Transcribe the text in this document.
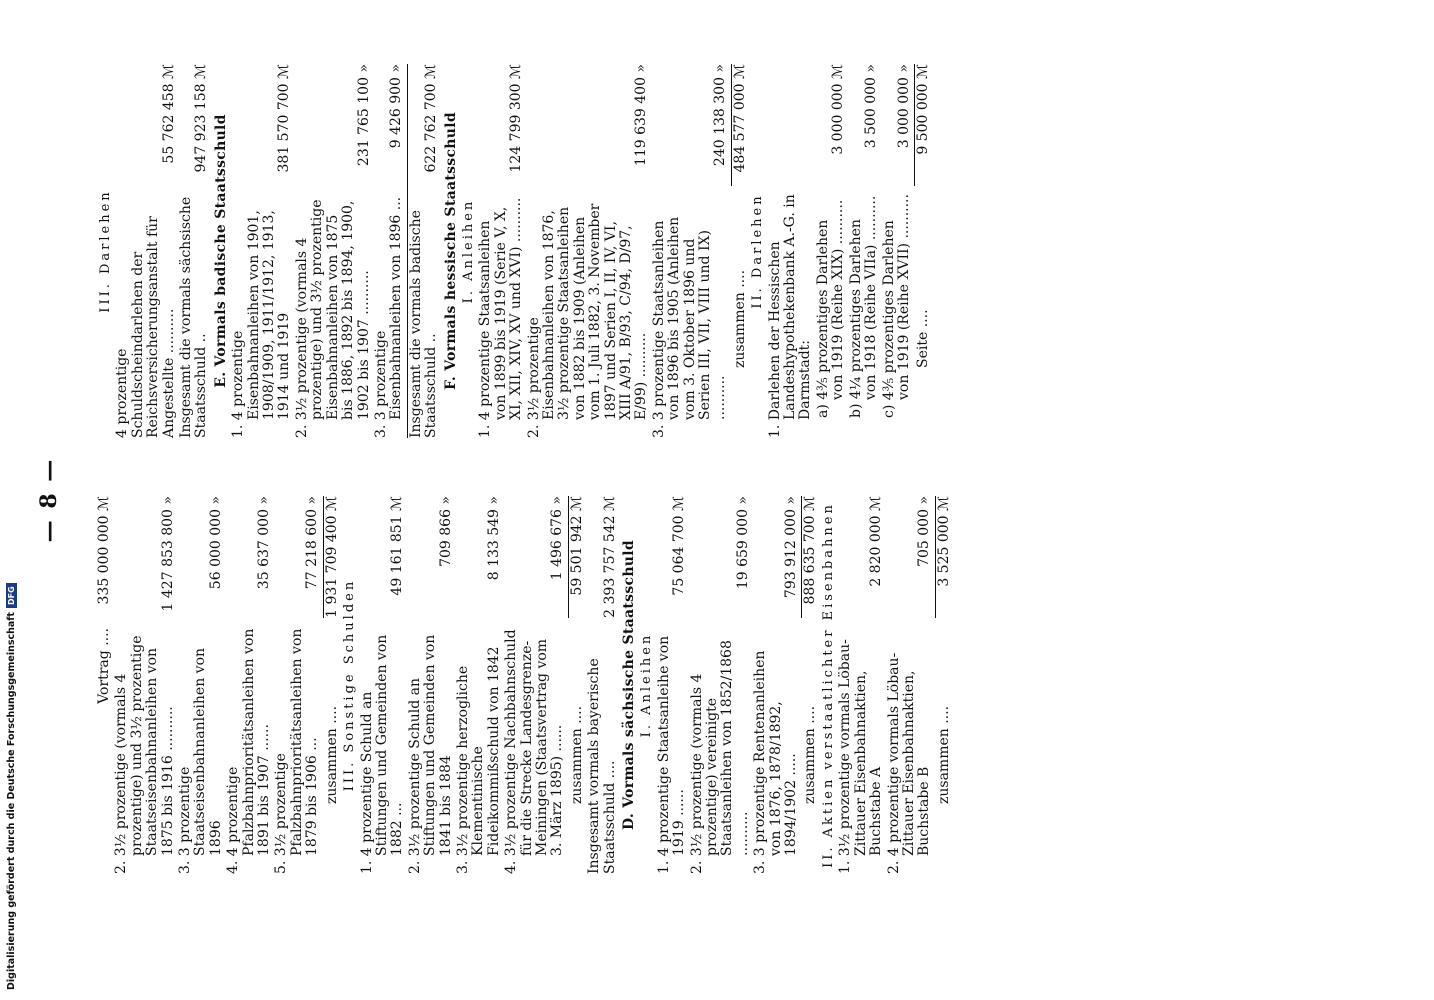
— 8 —
Vortrag ....
335 000 000 ℳ
2. 3½ prozentige (vormals 4 prozentige) und 3½ prozentige Staatseisenbahnanleihen von 1875 bis 1916 ..........
1 427 853 800 »
3. 3 prozentige Staatseisenbahnanleihen von 1896
56 000 000 »
4. 4 prozentige Pfalzbahnprioritätsanleihen von 1891 bis 1907 ......
35 637 000 »
5. 3½ prozentige Pfalzbahnprioritätsanleihen von 1879 bis 1906 ...
77 218 600 »
zusammen ....
1 931 709 400 ℳ
III. Sonstige Schulden 1. 4 prozentige Schuld an Stiftungen und Gemeinden von 1882 ...
49 161 851 ℳ
2. 3½ prozentige Schuld an Stiftungen und Gemeinden von 1841 bis 1884
709 866 »
3. 3½ prozentige herzogliche Klementinische Fideikommißschuld von 1842
8 133 549 »
4. 3½ prozentige Nachbahnschuld für die Strecke Landesgrenze-Meiningen (Staatsvertrag vom 3. März 1895) ......
1 496 676 »
zusammen ....
59 501 942 ℳ
Insgesamt vormals bayerische Staatsschuld ....
2 393 757 542 ℳ D. Vormals sächsische Staatsschuld I. Anleihen 1. 4 prozentige Staatsanleihe von 1919 ......
75 064 700 ℳ
2. 3½ prozentige (vormals 4 prozentige) vereinigte Staatsanleihen von 1852/1868 ..........
19 659 000 »
3. 3 prozentige Rentenanleihen von 1876, 1878/1892, 1894/1902 .....
793 912 000 »
zusammen ....
888 635 700 ℳ II. Aktien verstaatlichter Eisenbahnen 1. 3½ prozentige vormals Löbau-Zittauer Eisenbahnaktien, Buchstabe A
2 820 000 ℳ
2. 4 prozentige vormals Löbau-Zittauer Eisenbahnaktien, Buchstabe B
705 000 »
zusammen ....
3 525 000 ℳ
III. Darlehen
4 prozentige Schuldscheindarlehen der Reichsversicherungsanstalt für Angestellte ..........
55 762 458 ℳ
Insgesamt die vormals sächsische Staatsschuld ..
947 923 158 ℳ E. Vormals badische Staatsschuld 1. 4 prozentige Eisenbahnanleihen von 1901, 1908/1909, 1911/1912, 1913, 1914 und 1919
381 570 700 ℳ
2. 3½ prozentige (vormals 4 prozentige) und 3½ prozentige Eisenbahnanleihen von 1875 bis 1886, 1892 bis 1894, 1900, 1902 bis 1907 ..........
231 765 100 »
3. 3 prozentige Eisenbahnanleihen von 1896 ...
9 426 900 »
Insgesamt die vormals badische Staatsschuld ..
622 762 700 ℳ F. Vormals hessische Staatsschuld I. Anleihen 1. 4 prozentige Staatsanleihen von 1899 bis 1919 (Serie V, X, XI, XII, XIV, XV und XVI) ..........
124 799 300 ℳ
2. 3½ prozentige Eisenbahnanleihen von 1876, 3½ prozentige Staatsanleihen von 1882 bis 1909 (Anleihen vom 1. Juli 1882, 3. November 1897 und Serien I, II, IV, VI, XIII A/91, B/93, C/94, D/97, E/99) ..........
119 639 400 »
3. 3 prozentige Staatsanleihen von 1896 bis 1905 (Anleihen vom 3. Oktober 1896 und Serien III, VII, VIII und IX) ..........
240 138 300 »
zusammen ....
484 577 000 ℳ
II. Darlehen 1. Darlehen der Hessischen Landeshypothekenbank A.-G. in Darmstadt: a) 4⅗ prozentiges Darlehen von 1919 (Reihe XIX) ..........
3 000 000 ℳ
b) 4¼ prozentiges Darlehen von 1918 (Reihe VIIa) ..........
3 500 000 »
c) 4⅗ prozentiges Darlehen von 1919 (Reihe XVII) ..........
3 000 000 »
Seite ....
9 500 000 ℳ
Digitalisierung gefördert durch die Deutsche Forschungsgemeinschaft
DFG
